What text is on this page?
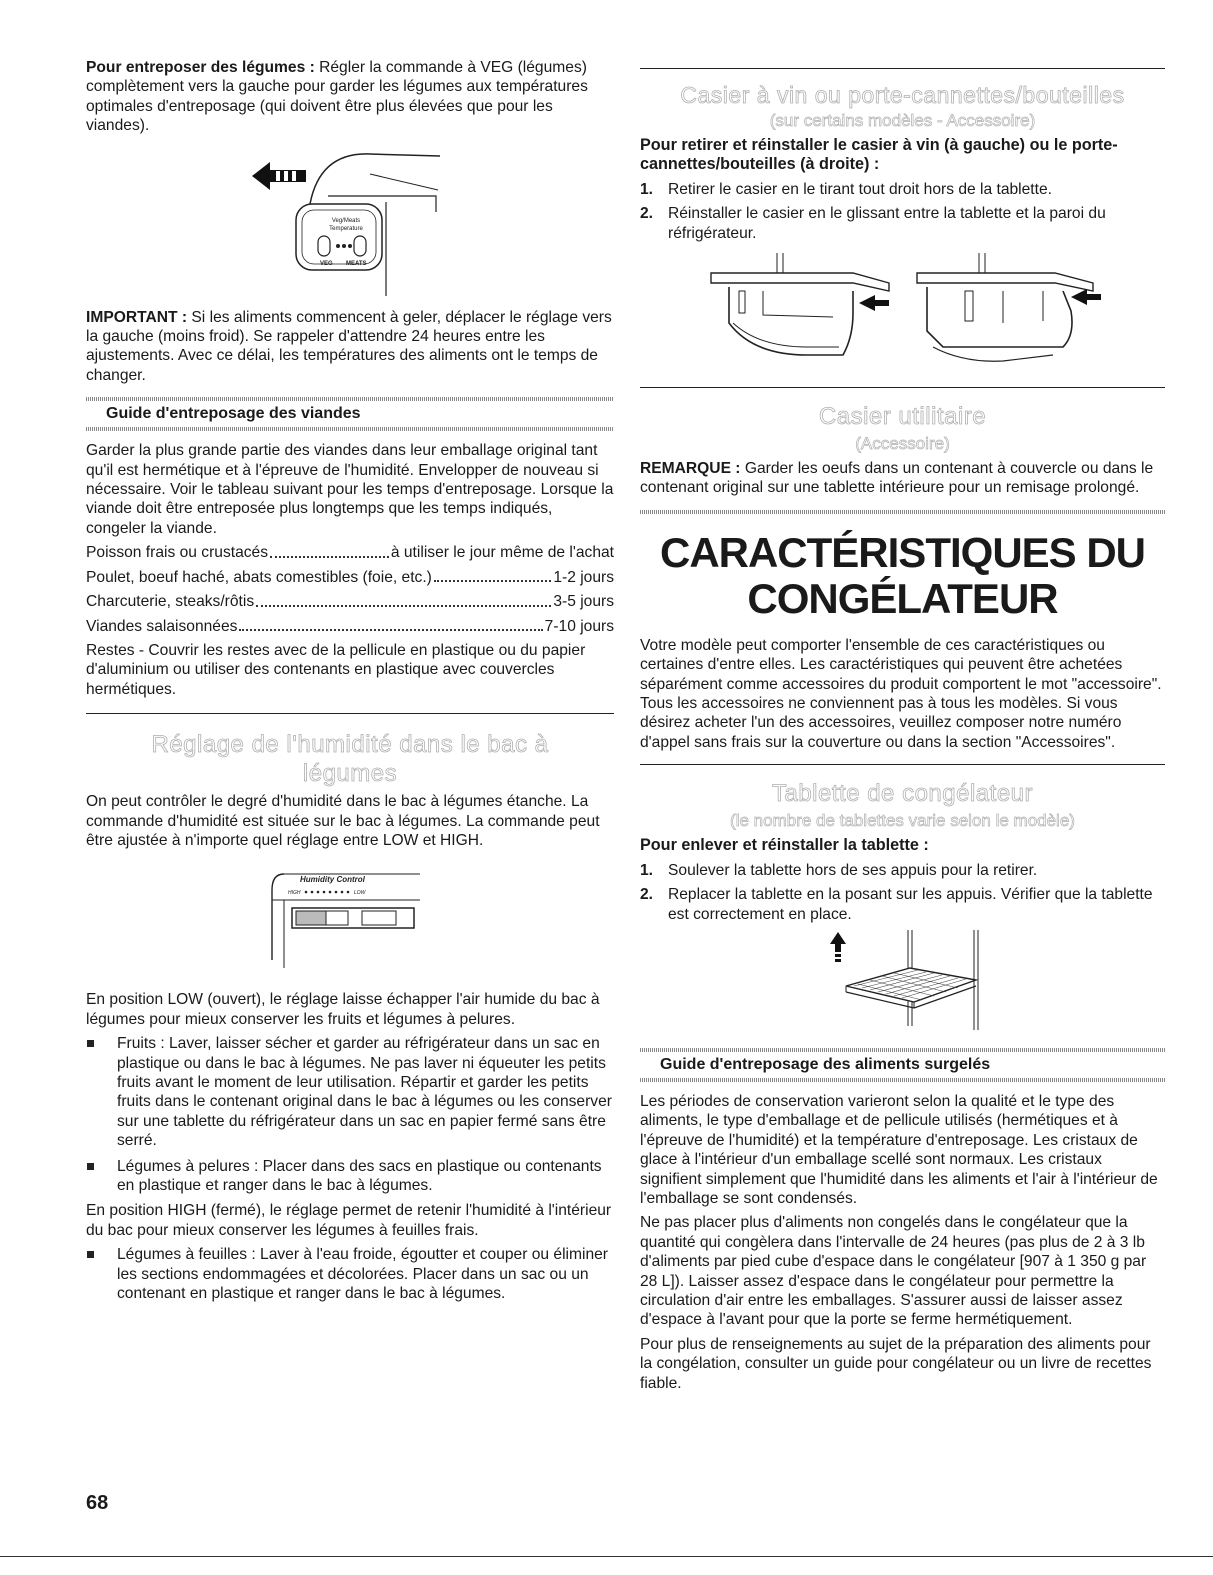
Pour entreposer des légumes : Régler la commande à VEG (légumes) complètement vers la gauche pour garder les légumes aux températures optimales d'entreposage (qui doivent être plus élevées que pour les viandes).

Veg/Meats
Temperature
VEG MEATS

IMPORTANT : Si les aliments commencent à geler, déplacer le réglage vers la gauche (moins froid). Se rappeler d'attendre 24 heures entre les ajustements. Avec ce délai, les températures des aliments ont le temps de changer.

Guide d'entreposage des viandes

Garder la plus grande partie des viandes dans leur emballage original tant qu'il est hermétique et à l'épreuve de l'humidité. Envelopper de nouveau si nécessaire. Voir le tableau suivant pour les temps d'entreposage. Lorsque la viande doit être entreposée plus longtemps que les temps indiqués, congeler la viande.

Poisson frais ou crustacés	à utiliser le jour même de l'achat
Poulet, boeuf haché, abats comestibles (foie, etc.)	1-2 jours
Charcuterie, steaks/rôtis	3-5 jours
Viandes salaisonnées	7-10 jours

Restes - Couvrir les restes avec de la pellicule en plastique ou du papier d'aluminium ou utiliser des contenants en plastique avec couvercles hermétiques.

Réglage de l'humidité dans le bac à
légumes

On peut contrôler le degré d'humidité dans le bac à légumes étanche. La commande d'humidité est située sur le bac à légumes. La commande peut être ajustée à n'importe quel réglage entre LOW et HIGH.

Humidity Control
HIGH	LOW

En position LOW (ouvert), le réglage laisse échapper l'air humide du bac à légumes pour mieux conserver les fruits et légumes à pelures.

Fruits : Laver, laisser sécher et garder au réfrigérateur dans un sac en plastique ou dans le bac à légumes. Ne pas laver ni équeuter les petits fruits avant le moment de leur utilisation. Répartir et garder les petits fruits dans le contenant original dans le bac à légumes ou les conserver sur une tablette du réfrigérateur dans un sac en papier fermé sans être serré.
Légumes à pelures : Placer dans des sacs en plastique ou contenants en plastique et ranger dans le bac à légumes.

En position HIGH (fermé), le réglage permet de retenir l'humidité à l'intérieur du bac pour mieux conserver les légumes à feuilles frais.

Légumes à feuilles : Laver à l'eau froide, égoutter et couper ou éliminer les sections endommagées et décolorées. Placer dans un sac ou un contenant en plastique et ranger dans le bac à légumes.
Casier à vin ou porte-cannettes/bouteilles
(sur certains modèles - Accessoire)

Pour retirer et réinstaller le casier à vin (à gauche) ou le porte-cannettes/bouteilles (à droite) :

1. Retirer le casier en le tirant tout droit hors de la tablette.
2. Réinstaller le casier en le glissant entre la tablette et la paroi du réfrigérateur.
Casier utilitaire
(Accessoire)

REMARQUE : Garder les oeufs dans un contenant à couvercle ou dans le contenant original sur une tablette intérieure pour un remisage prolongé.

CARACTÉRISTIQUES DU
CONGÉLATEUR

Votre modèle peut comporter l'ensemble de ces caractéristiques ou certaines d'entre elles. Les caractéristiques qui peuvent être achetées séparément comme accessoires du produit comportent le mot "accessoire". Tous les accessoires ne conviennent pas à tous les modèles. Si vous désirez acheter l'un des accessoires, veuillez composer notre numéro d'appel sans frais sur la couverture ou dans la section "Accessoires".

Tablette de congélateur
(le nombre de tablettes varie selon le modèle)

Pour enlever et réinstaller la tablette :

1. Soulever la tablette hors de ses appuis pour la retirer.
2. Replacer la tablette en la posant sur les appuis. Vérifier que la tablette est correctement en place.
Guide d'entreposage des aliments surgelés

Les périodes de conservation varieront selon la qualité et le type des aliments, le type d'emballage et de pellicule utilisés (hermétiques et à l'épreuve de l'humidité) et la température d'entreposage. Les cristaux de glace à l'intérieur d'un emballage scellé sont normaux. Les cristaux signifient simplement que l'humidité dans les aliments et l'air à l'intérieur de l'emballage se sont condensés.

Ne pas placer plus d'aliments non congelés dans le congélateur que la quantité qui congèlera dans l'intervalle de 24 heures (pas plus de 2 à 3 lb d'aliments par pied cube d'espace dans le congélateur [907 à 1 350 g par 28 L]). Laisser assez d'espace dans le congélateur pour permettre la circulation d'air entre les emballages. S'assurer aussi de laisser assez d'espace à l'avant pour que la porte se ferme hermétiquement.

Pour plus de renseignements au sujet de la préparation des aliments pour la congélation, consulter un guide pour congélateur ou un livre de recettes fiable.

68
